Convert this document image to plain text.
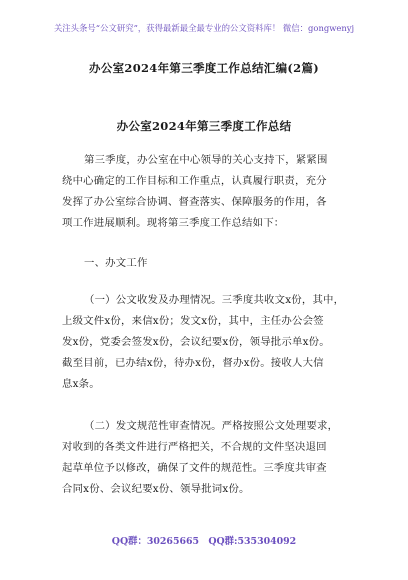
关注头条号“公文研究”，获得最新最全最专业的公文资料库！ 微信：gongwenyj
办公室2024年第三季度工作总结汇编(2篇)
办公室2024年第三季度工作总结
第三季度，办公室在中心领导的关心支持下，紧紧围
绕中心确定的工作目标和工作重点，认真履行职责，充分
发挥了办公室综合协调、督查落实、保障服务的作用，各
项工作进展顺利。现将第三季度工作总结如下：
一、办文工作
（一）公文收发及办理情况。三季度共收文x份，其中，
上级文件x份，来信x份；发文x份，其中，主任办公会签
发x份，党委会签发x份，会议纪要x份，领导批示单x份。
截至目前，已办结x份，待办x份，督办x份。接收人大信
息x条。
（二）发文规范性审查情况。严格按照公文处理要求，
对收到的各类文件进行严格把关，不合规的文件坚决退回
起草单位予以修改，确保了文件的规范性。三季度共审查
合同x份、会议纪要x份、领导批词x份。
QQ群：30265665 QQ群:535304092
